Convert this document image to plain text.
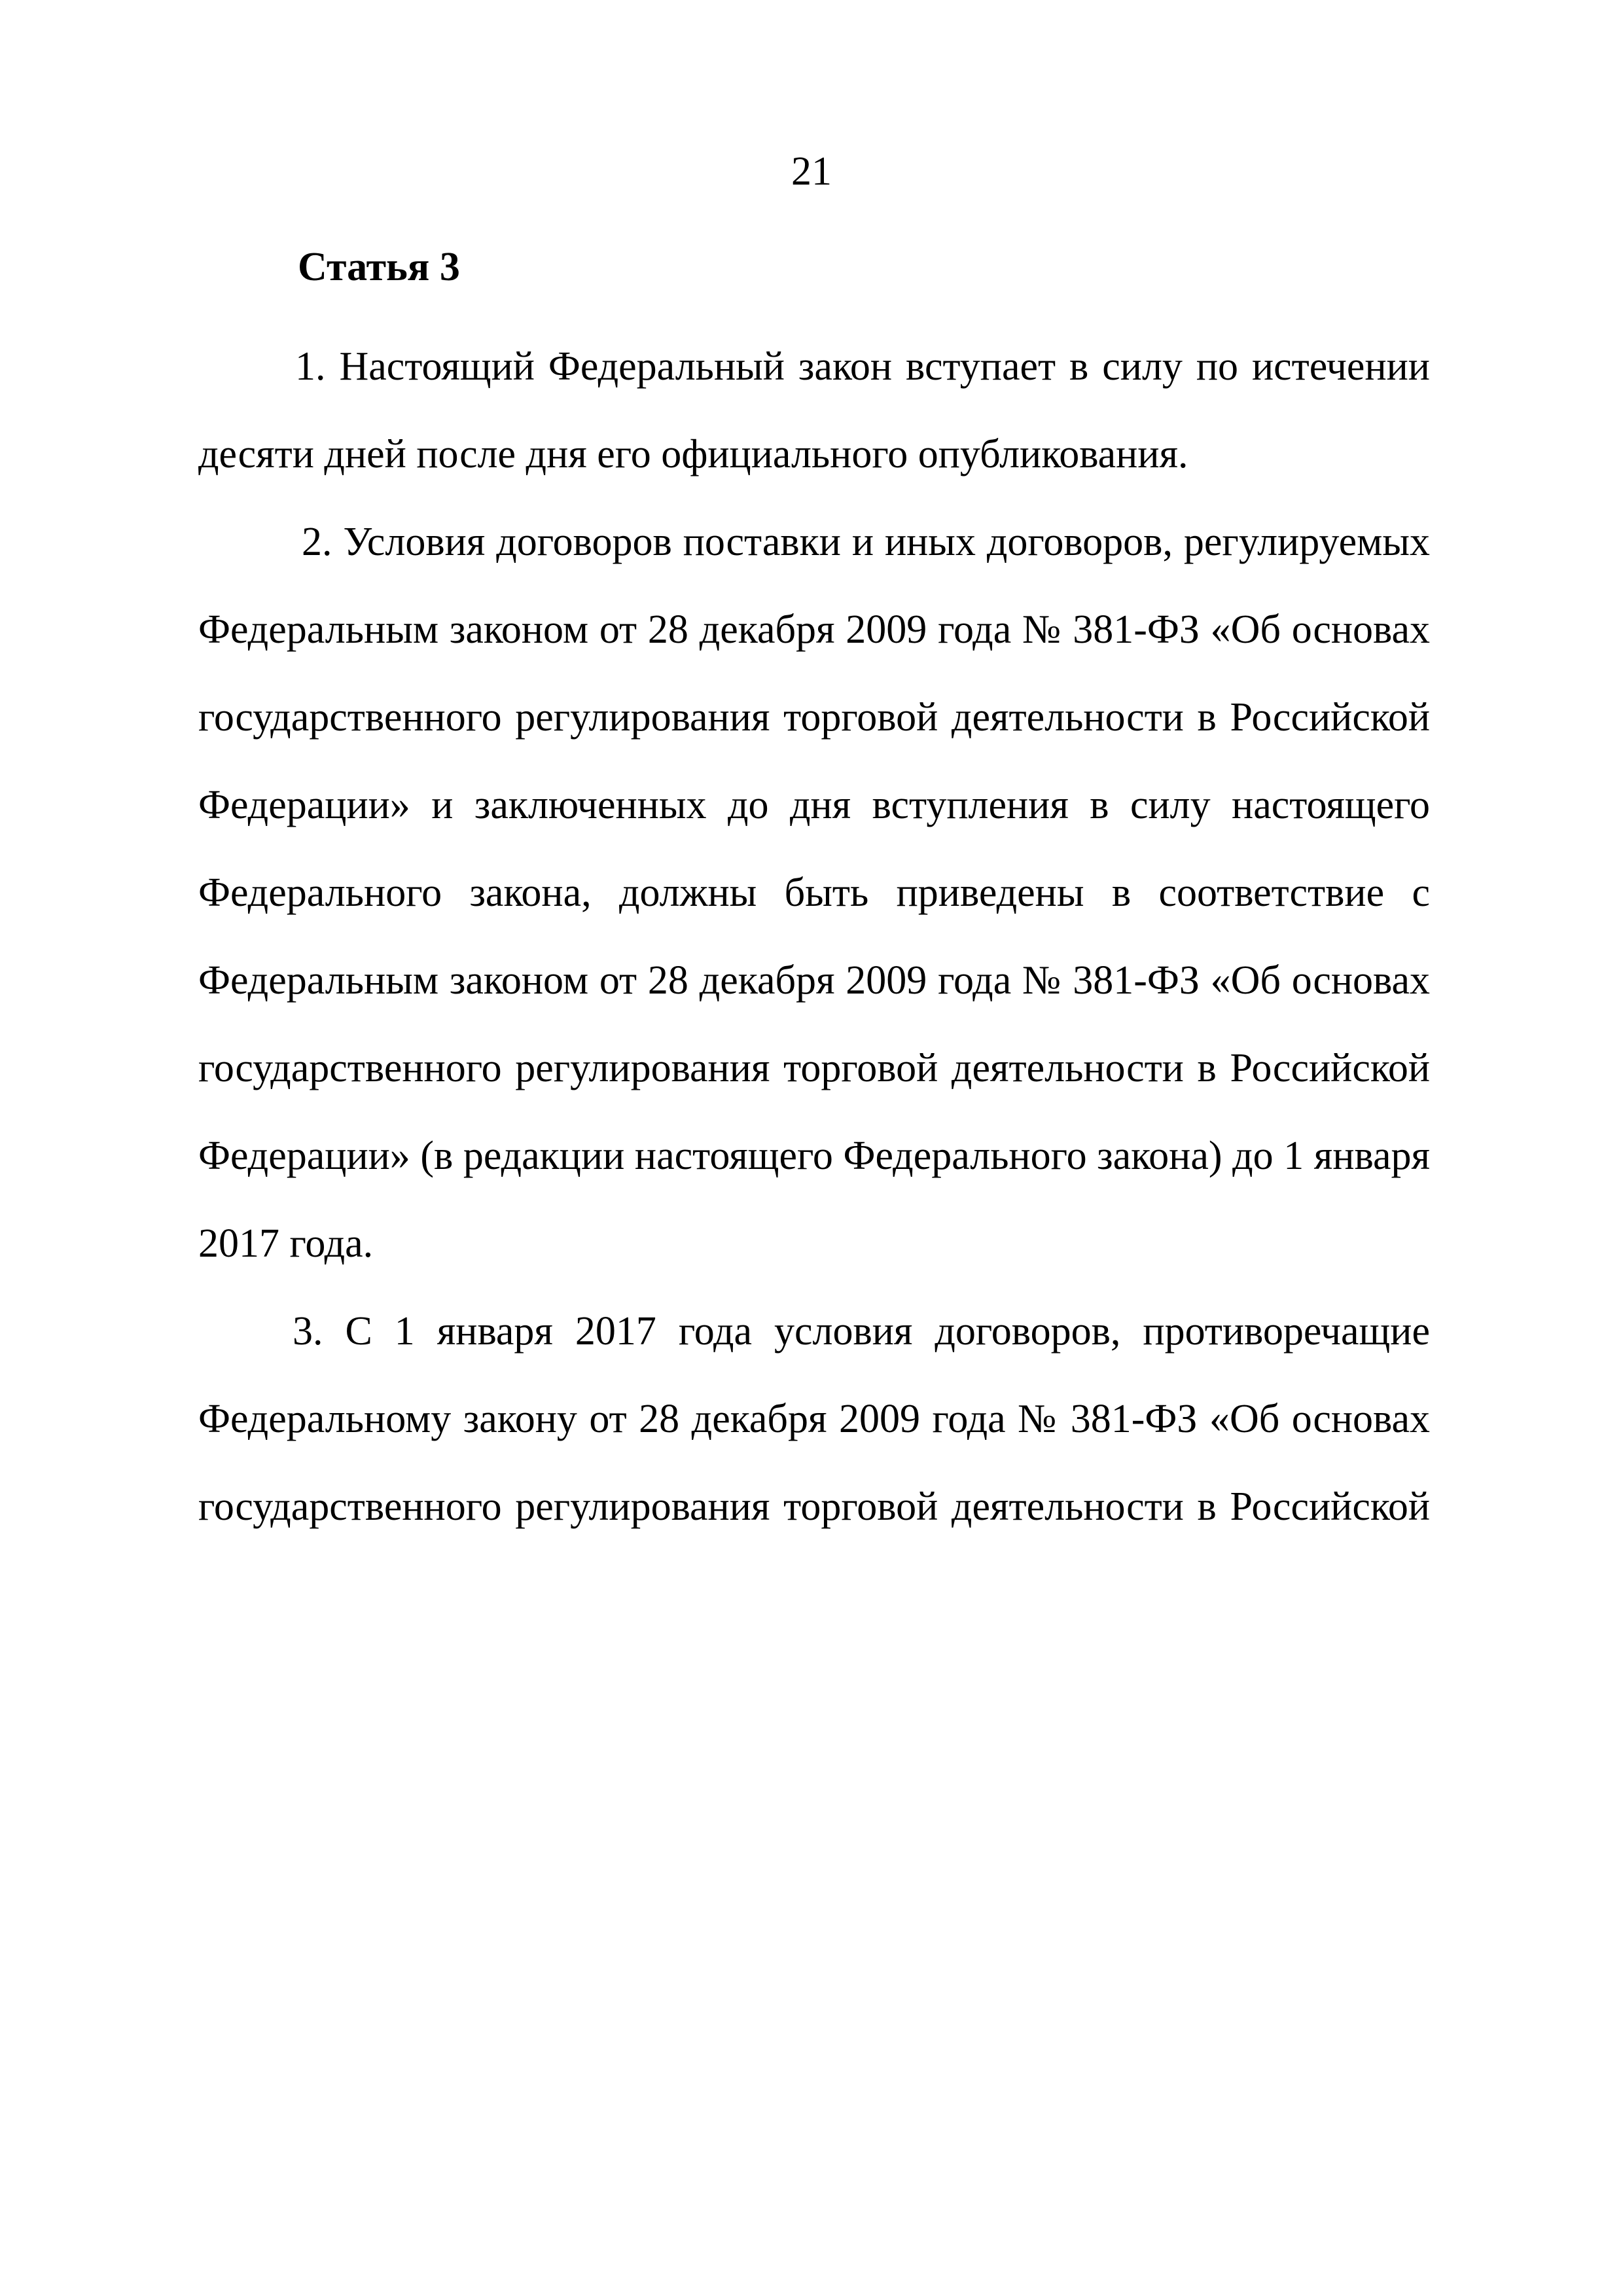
21
Статья 3

1. Настоящий Федеральный закон вступает в силу по истечении десяти дней после дня его официального опубликования.

2. Условия договоров поставки и иных договоров, регулируемых Федеральным законом от 28 декабря 2009 года № 381-ФЗ «Об основах государственного регулирования торговой деятельности в Российской Федерации» и заключенных до дня вступления в силу настоящего Федерального закона, должны быть приведены в соответствие с Федеральным законом от 28 декабря 2009 года № 381-ФЗ «Об основах государственного регулирования торговой деятельности в Российской Федерации» (в редакции настоящего Федерального закона) до 1 января 2017 года.

3. С 1 января 2017 года условия договоров, противоречащие Федеральному закону от 28 декабря 2009 года № 381-ФЗ «Об основах государственного регулирования торговой деятельности в Российской
